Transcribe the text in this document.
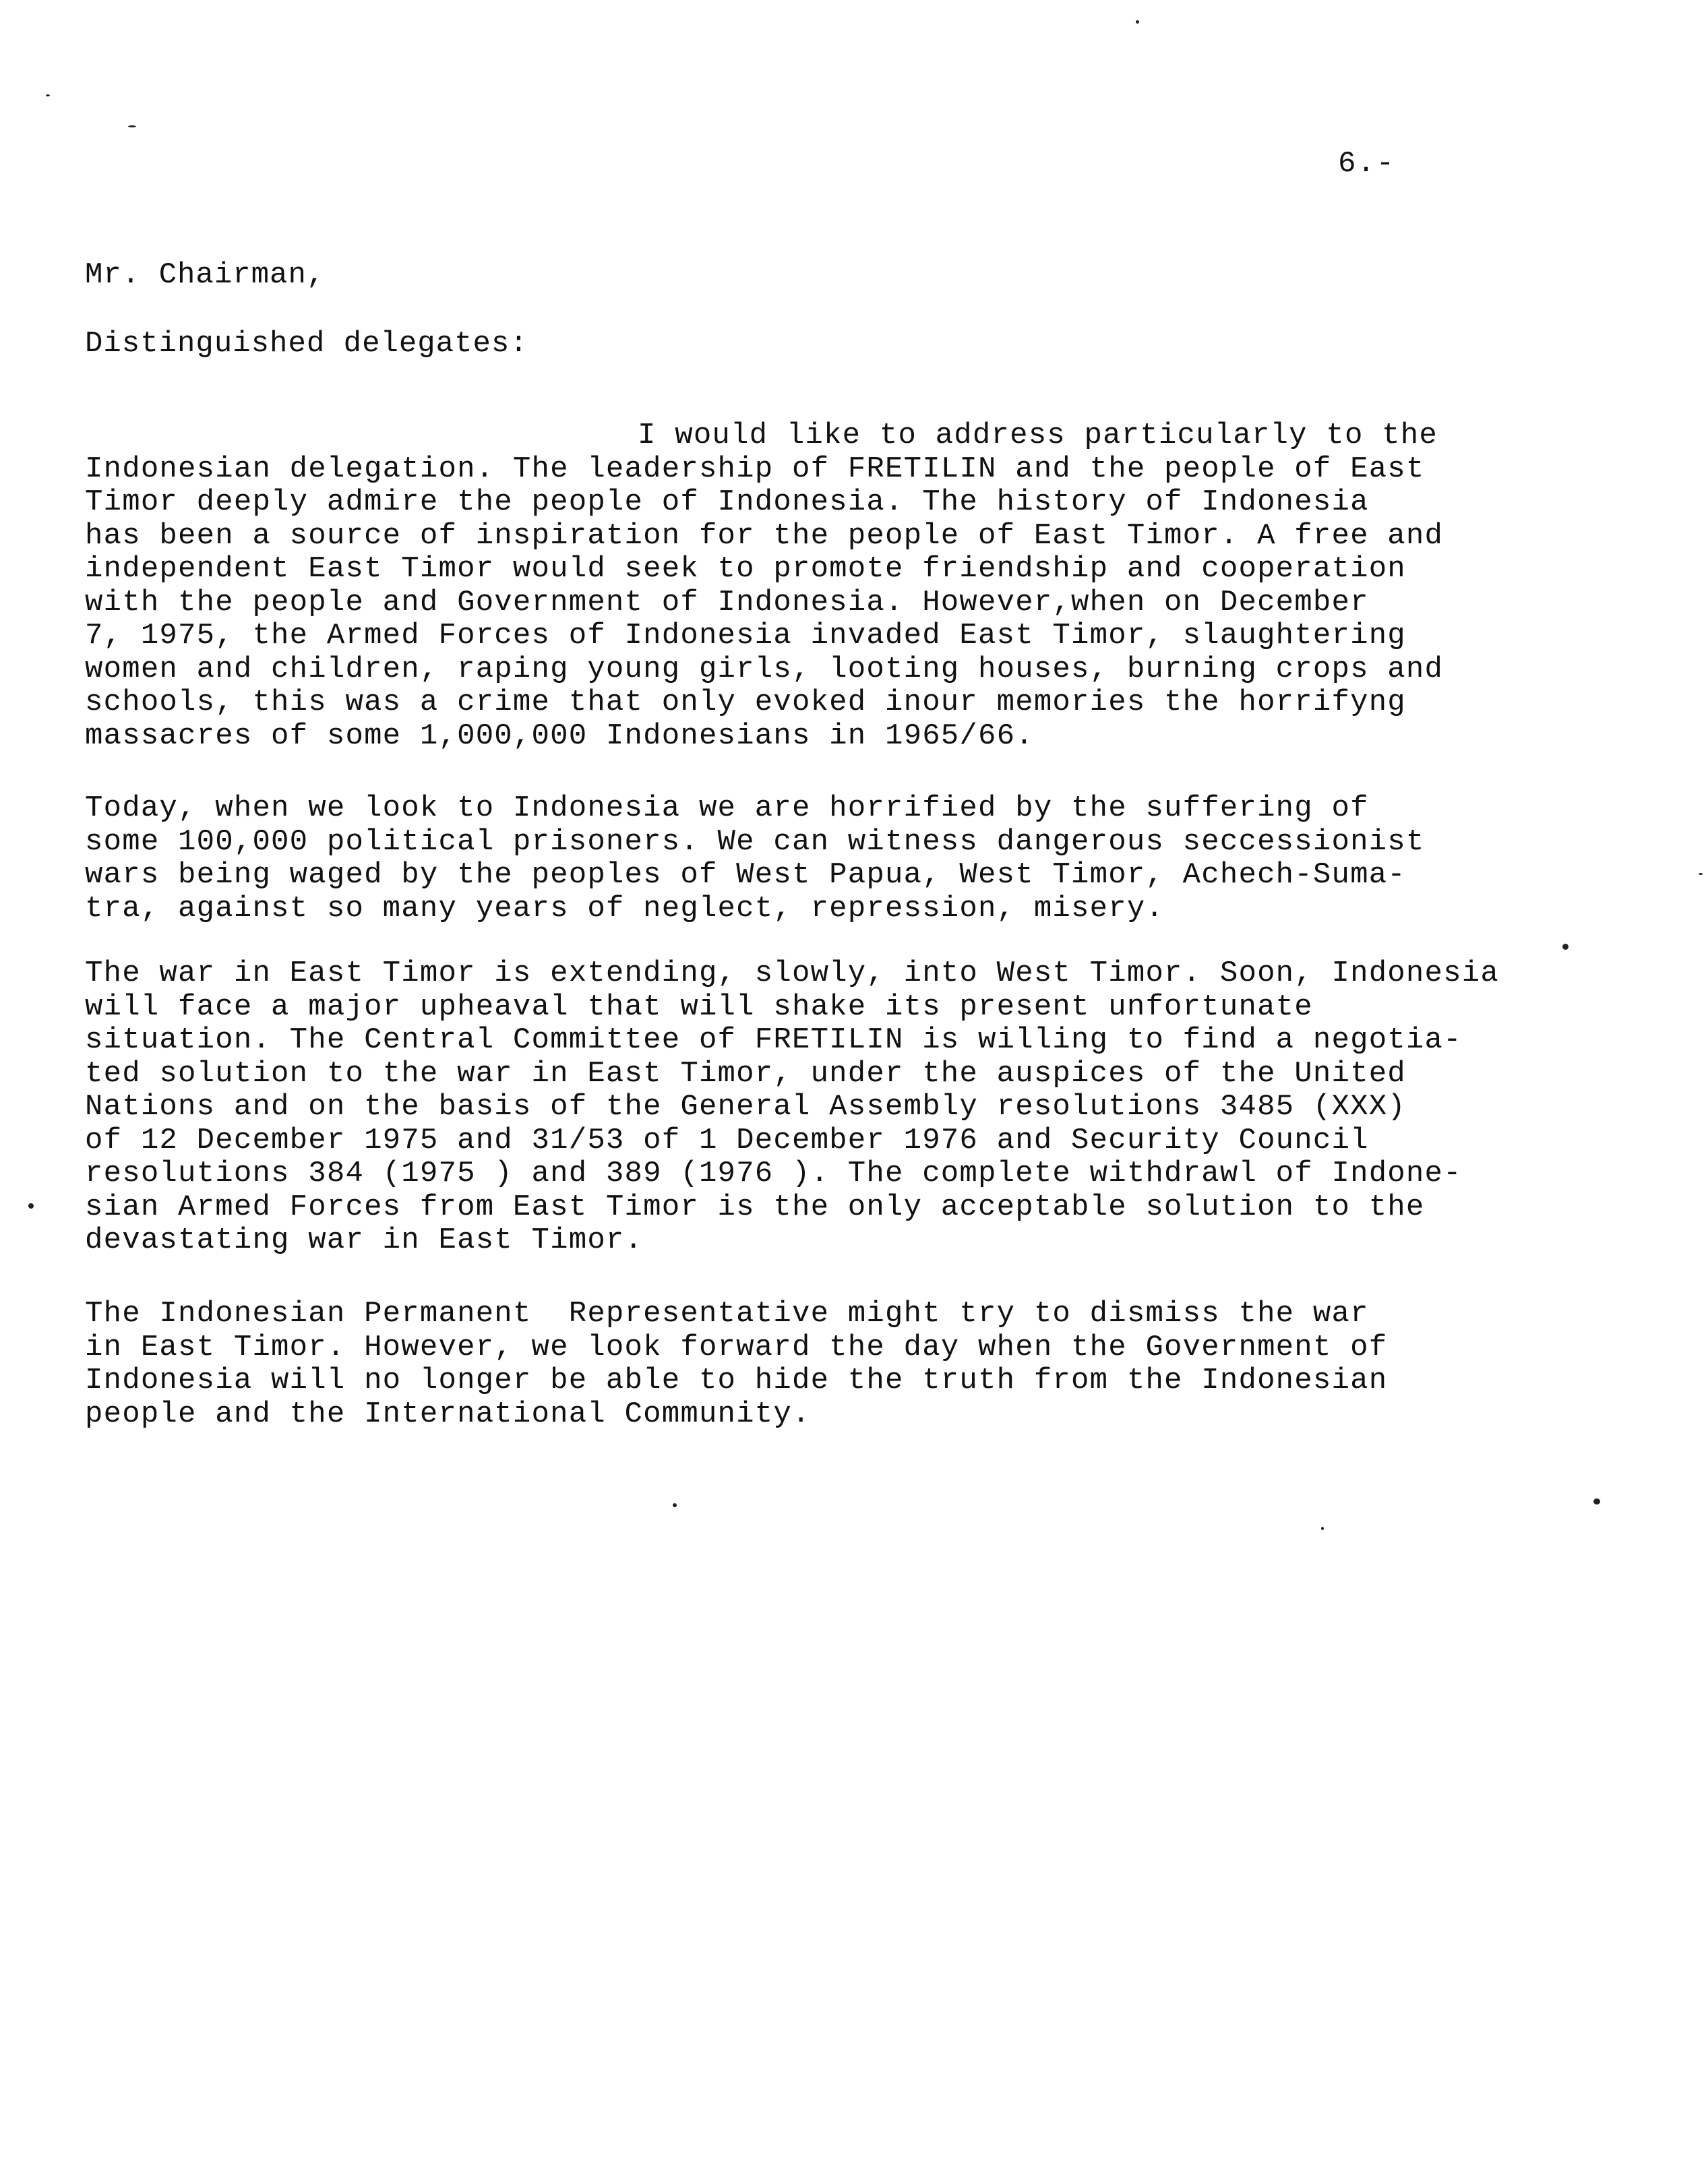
6.-
Mr. Chairman,
Distinguished delegates:
I would like to address particularly to the
Indonesian delegation. The leadership of FRETILIN and the people of East
Timor deeply admire the people of Indonesia. The history of Indonesia
has been a source of inspiration for the people of East Timor. A free and
independent East Timor would seek to promote friendship and cooperation
with the people and Government of Indonesia. However,when on December
7, 1975, the Armed Forces of Indonesia invaded East Timor, slaughtering
women and children, raping young girls, looting houses, burning crops and
schools, this was a crime that only evoked inour memories the horrifyng
massacres of some 1,000,000 Indonesians in 1965/66.
Today, when we look to Indonesia we are horrified by the suffering of
some 100,000 political prisoners. We can witness dangerous seccessionist
wars being waged by the peoples of West Papua, West Timor, Achech-Suma-
tra, against so many years of neglect, repression, misery.
The war in East Timor is extending, slowly, into West Timor. Soon, Indonesia
will face a major upheaval that will shake its present unfortunate
situation. The Central Committee of FRETILIN is willing to find a negotia-
ted solution to the war in East Timor, under the auspices of the United
Nations and on the basis of the General Assembly resolutions 3485 (XXX)
of 12 December 1975 and 31/53 of 1 December 1976 and Security Council
resolutions 384 (1975 ) and 389 (1976 ). The complete withdrawl of Indone-
sian Armed Forces from East Timor is the only acceptable solution to the
devastating war in East Timor.
The Indonesian Permanent  Representative might try to dismiss the war
in East Timor. However, we look forward the day when the Government of
Indonesia will no longer be able to hide the truth from the Indonesian
people and the International Community.
